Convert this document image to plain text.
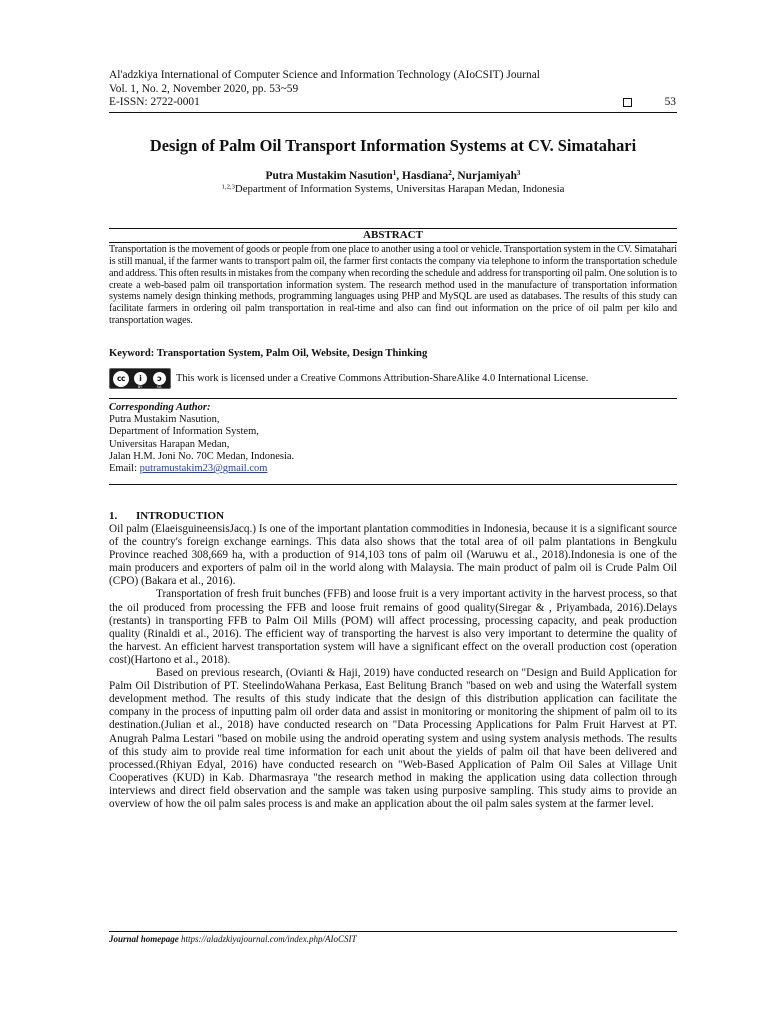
Al'adzkiya International of Computer Science and Information Technology (AIoCSIT) Journal
Vol. 1, No. 2, November 2020, pp. 53~59
E-ISSN: 2722-0001	53
Design of Palm Oil Transport Information Systems at CV. Simatahari
Putra Mustakim Nasution$^1$, Hasdiana$^2$, Nurjamiyah$^3$
$^{1,2,3}$Department of Information Systems, Universitas Harapan Medan, Indonesia
ABSTRACT
Transportation is the movement of goods or people from one place to another using a tool or vehicle. Transportation system in the CV. Simatahari is still manual, if the farmer wants to transport palm oil, the farmer first contacts the company via telephone to inform the transportation schedule and address. This often results in mistakes from the company when recording the schedule and address for transporting oil palm. One solution is to create a web-based palm oil transportation information system. The research method used in the manufacture of transportation information systems namely design thinking methods, programming languages using PHP and MySQL are used as databases. The results of this study can facilitate farmers in ordering oil palm transportation in real-time and also can find out information on the price of oil palm per kilo and transportation wages.
Keyword: Transportation System, Palm Oil, Website, Design Thinking
cc	i	ↄ
BY	SA
This work is licensed under a Creative Commons Attribution-ShareAlike 4.0 International License.
Corresponding Author:
Putra Mustakim Nasution,
Department of Information System,
Universitas Harapan Medan,
Jalan H.M. Joni No. 70C Medan, Indonesia.
Email: putramustakim23@gmail.com
1. INTRODUCTION

Oil palm (ElaeisguineensisJacq.) Is one of the important plantation commodities in Indonesia, because it is a significant source of the country's foreign exchange earnings. This data also shows that the total area of oil palm plantations in Bengkulu Province reached 308,669 ha, with a production of 914,103 tons of palm oil (Waruwu et al., 2018).Indonesia is one of the main producers and exporters of palm oil in the world along with Malaysia. The main product of palm oil is Crude Palm Oil (CPO) (Bakara et al., 2016).

Transportation of fresh fruit bunches (FFB) and loose fruit is a very important activity in the harvest process, so that the oil produced from processing the FFB and loose fruit remains of good quality(Siregar & , Priyambada, 2016).Delays (restants) in transporting FFB to Palm Oil Mills (POM) will affect processing, processing capacity, and peak production quality (Rinaldi et al., 2016). The efficient way of transporting the harvest is also very important to determine the quality of the harvest. An efficient harvest transportation system will have a significant effect on the overall production cost (operation cost)(Hartono et al., 2018).

Based on previous research, (Ovianti & Haji, 2019) have conducted research on "Design and Build Application for Palm Oil Distribution of PT. SteelindoWahana Perkasa, East Belitung Branch "based on web and using the Waterfall system development method. The results of this study indicate that the design of this distribution application can facilitate the company in the process of inputting palm oil order data and assist in monitoring or monitoring the shipment of palm oil to its destination.(Julian et al., 2018) have conducted research on "Data Processing Applications for Palm Fruit Harvest at PT. Anugrah Palma Lestari "based on mobile using the android operating system and using system analysis methods. The results of this study aim to provide real time information for each unit about the yields of palm oil that have been delivered and processed.(Rhiyan Edyal, 2016) have conducted research on "Web-Based Application of Palm Oil Sales at Village Unit Cooperatives (KUD) in Kab. Dharmasraya "the research method in making the application using data collection through interviews and direct field observation and the sample was taken using purposive sampling. This study aims to provide an overview of how the oil palm sales process is and make an application about the oil palm sales system at the farmer level.

Journal homepage https://aladzkiyajournal.com/index.php/AIoCSIT
